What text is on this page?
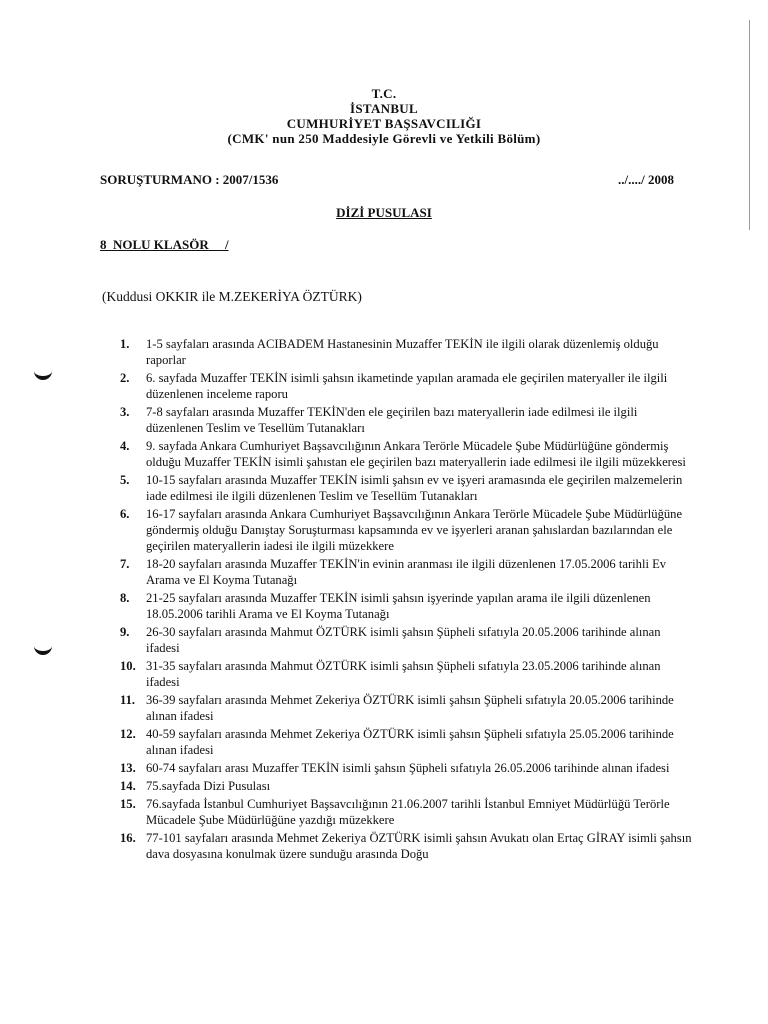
T.C.
İSTANBUL
CUMHURİYET BAŞSAVCILIĞI
(CMK' nun 250 Maddesiyle Görevli ve Yetkili Bölüm)
SORUŞTURMANO : 2007/1536	../..../ 2008
DİZİ PUSULASI
8  NOLU KLASÖR     /
(Kuddusi OKKIR ile M.ZEKERİYA ÖZTÜRK)
1.	1-5 sayfaları arasında ACIBADEM Hastanesinin Muzaffer TEKİN ile ilgili olarak düzenlemiş olduğu raporlar
2.	6. sayfada Muzaffer TEKİN isimli şahsın ikametinde yapılan aramada ele geçirilen materyaller ile ilgili düzenlenen inceleme raporu
3.	7-8 sayfaları arasında Muzaffer TEKİN'den ele geçirilen bazı materyallerin iade edilmesi ile ilgili düzenlenen Teslim ve Tesellüm Tutanakları
4.	9. sayfada Ankara Cumhuriyet Başsavcılığının Ankara Terörle Mücadele Şube Müdürlüğüne göndermiş olduğu Muzaffer TEKİN isimli şahıstan ele geçirilen bazı materyallerin iade edilmesi ile ilgili müzekkeresi
5.	10-15 sayfaları arasında Muzaffer TEKİN isimli şahsın ev ve işyeri aramasında ele geçirilen malzemelerin iade edilmesi ile ilgili düzenlenen Teslim ve Tesellüm Tutanakları
6.	16-17 sayfaları arasında Ankara Cumhuriyet Başsavcılığının Ankara Terörle Mücadele Şube Müdürlüğüne göndermiş olduğu Danıştay Soruşturması kapsamında ev ve işyerleri aranan şahıslardan bazılarından ele geçirilen materyallerin iadesi ile ilgili müzekkere
7.	18-20 sayfaları arasında Muzaffer TEKİN'in evinin aranması ile ilgili düzenlenen 17.05.2006 tarihli Ev Arama ve El Koyma Tutanağı
8.	21-25 sayfaları arasında Muzaffer TEKİN isimli şahsın işyerinde yapılan arama ile ilgili düzenlenen 18.05.2006 tarihli Arama ve El Koyma Tutanağı
9.	26-30 sayfaları arasında Mahmut ÖZTÜRK isimli şahsın Şüpheli sıfatıyla 20.05.2006 tarihinde alınan ifadesi
10. 31-35 sayfaları arasında Mahmut ÖZTÜRK isimli şahsın Şüpheli sıfatıyla 23.05.2006 tarihinde alınan ifadesi
11. 36-39 sayfaları arasında Mehmet Zekeriya ÖZTÜRK isimli şahsın Şüpheli sıfatıyla 20.05.2006 tarihinde alınan ifadesi
12. 40-59 sayfaları arasında Mehmet Zekeriya ÖZTÜRK isimli şahsın Şüpheli sıfatıyla 25.05.2006 tarihinde alınan ifadesi
13. 60-74 sayfaları arası Muzaffer TEKİN isimli şahsın Şüpheli sıfatıyla 26.05.2006 tarihinde alınan ifadesi
14. 75.sayfada Dizi Pusulası
15. 76.sayfada İstanbul Cumhuriyet Başsavcılığının 21.06.2007 tarihli İstanbul Emniyet Müdürlüğü Terörle Mücadele Şube Müdürlüğüne yazdığı müzekkere
16. 77-101 sayfaları arasında Mehmet Zekeriya ÖZTÜRK isimli şahsın Avukatı olan Ertaç GİRAY isimli şahsın dava dosyasına konulmak üzere sunduğu arasında Doğu
